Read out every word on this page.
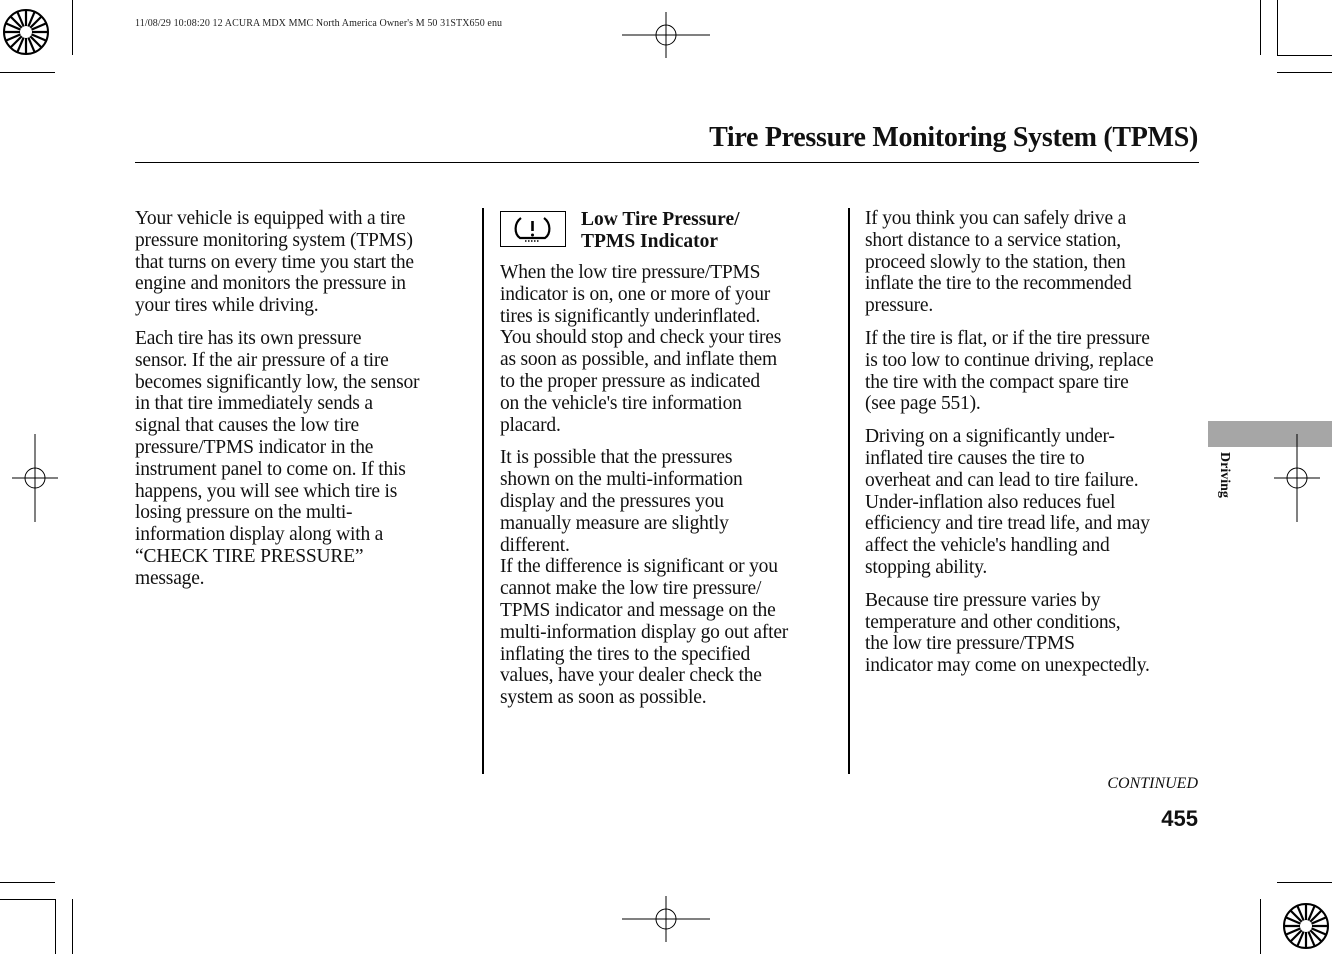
11/08/29 10:08:20 12 ACURA MDX MMC North America Owner's M 50 31STX650 enu
Tire Pressure Monitoring System (TPMS)

Your vehicle is equipped with a tire
pressure monitoring system (TPMS)
that turns on every time you start the
engine and monitors the pressure in
your tires while driving.

Each tire has its own pressure
sensor. If the air pressure of a tire
becomes significantly low, the sensor
in that tire immediately sends a
signal that causes the low tire
pressure/TPMS indicator in the
instrument panel to come on. If this
happens, you will see which tire is
losing pressure on the multi-
information display along with a
“CHECK TIRE PRESSURE”
message.

Low Tire Pressure/
TPMS Indicator

When the low tire pressure/TPMS
indicator is on, one or more of your
tires is significantly underinflated.
You should stop and check your tires
as soon as possible, and inflate them
to the proper pressure as indicated
on the vehicle's tire information
placard.

It is possible that the pressures
shown on the multi-information
display and the pressures you
manually measure are slightly
different.

If the difference is significant or you
cannot make the low tire pressure/
TPMS indicator and message on the
multi-information display go out after
inflating the tires to the specified
values, have your dealer check the
system as soon as possible.

If you think you can safely drive a
short distance to a service station,
proceed slowly to the station, then
inflate the tire to the recommended
pressure.

If the tire is flat, or if the tire pressure
is too low to continue driving, replace
the tire with the compact spare tire
(see page 551).

Driving on a significantly under-
inflated tire causes the tire to
overheat and can lead to tire failure.
Under-inflation also reduces fuel
efficiency and tire tread life, and may
affect the vehicle's handling and
stopping ability.

Because tire pressure varies by
temperature and other conditions,
the low tire pressure/TPMS
indicator may come on unexpectedly.

Driving
CONTINUED
455
